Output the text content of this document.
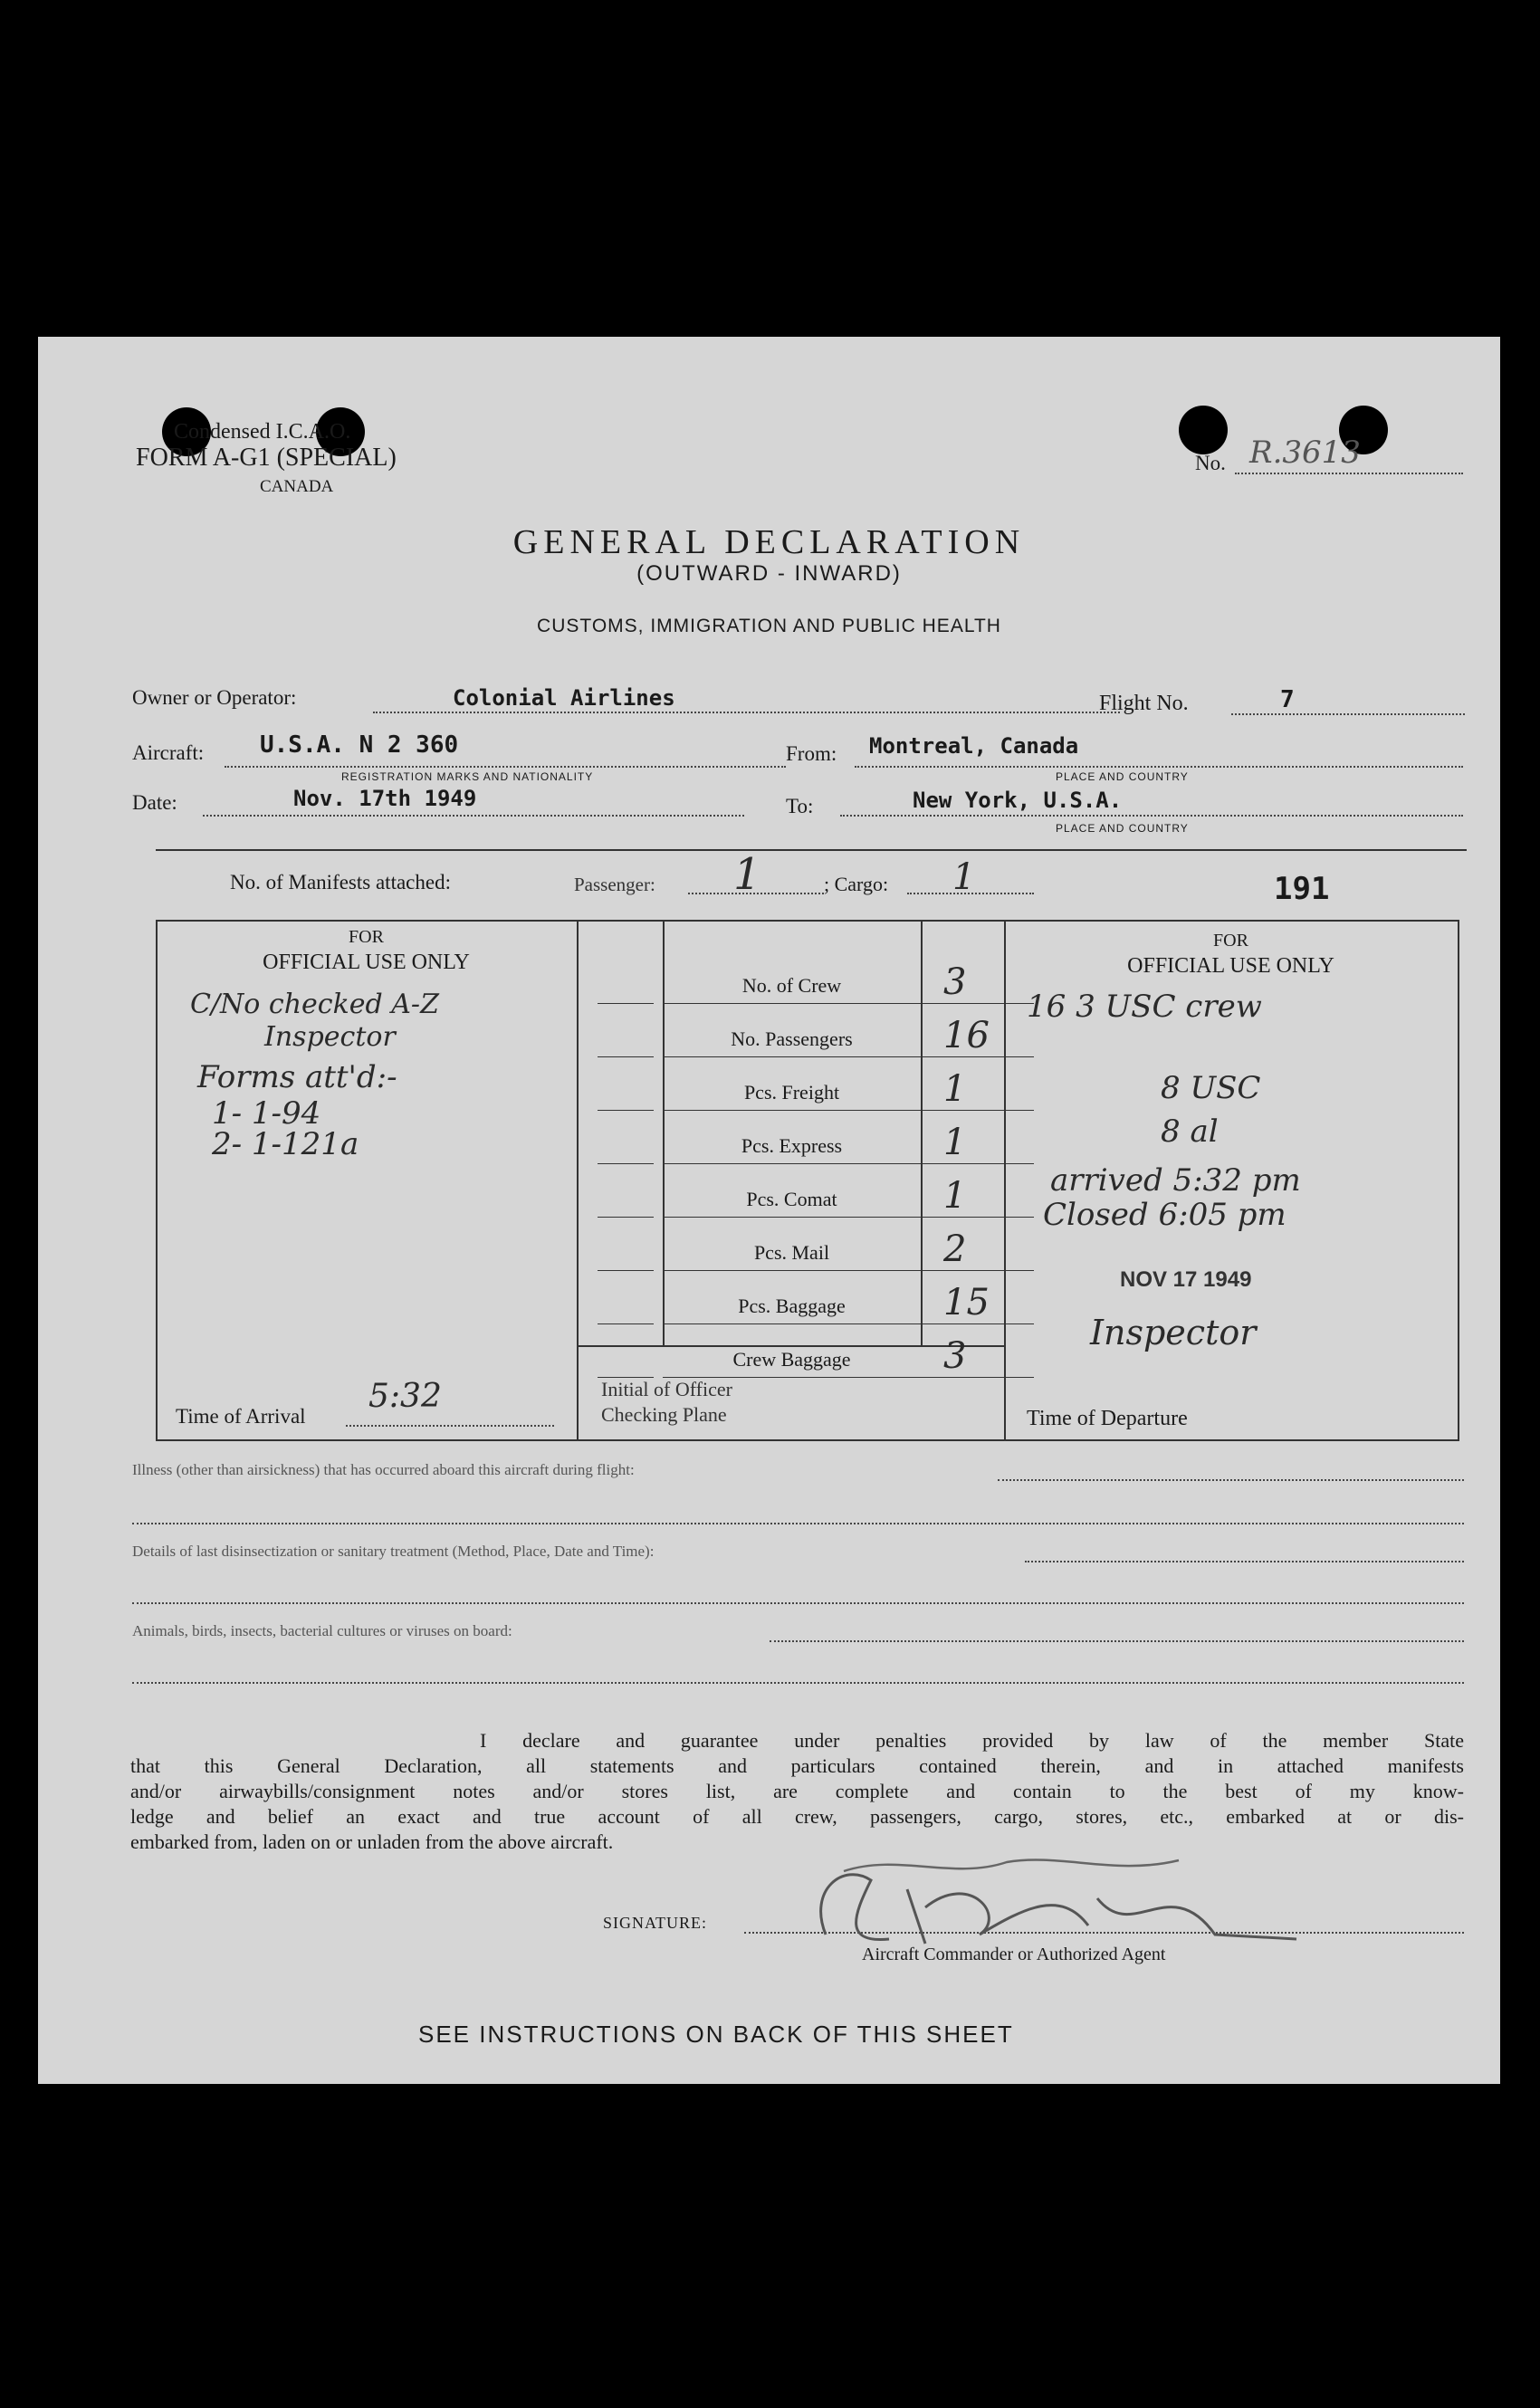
Condensed I.C.A.O.
FORM A-G1 (SPECIAL)
CANADA
No. R.3613
GENERAL DECLARATION
(OUTWARD - INWARD)
CUSTOMS, IMMIGRATION AND PUBLIC HEALTH
Owner or Operator:	Colonial Airlines	Flight No.	7
Aircraft: U.S.A. N 2 360
REGISTRATION MARKS AND NATIONALITY
From: Montreal, Canada
PLACE AND COUNTRY
Date:	Nov. 17th 1949	To:	New York, U.S.A.
PLACE AND COUNTRY
No. of Manifests attached:	Passenger: 1	; Cargo: 1	191
FOR
OFFICIAL USE ONLY
C/No checked A-Z
Inspector
Forms att'd:-
1- 1-94
2- 1-121a
Time of Arrival
5:32
No. of Crew	3
No. Passengers	16
Pcs. Freight	1
Pcs. Express	1
Pcs. Comat	1
Pcs. Mail	2
Pcs. Baggage	15
Crew Baggage	3
Initial of Officer
Checking Plane
FOR
OFFICIAL USE ONLY
16 3 USC crew
8 USC
8 al
arrived 5:32 pm
Closed 6:05 pm
NOV 17 1949
Inspector
Time of Departure
Illness (other than airsickness) that has occurred aboard this aircraft during flight:
Details of last disinsectization or sanitary treatment (Method, Place, Date and Time):
Animals, birds, insects, bacterial cultures or viruses on board:
I declare and guarantee under penalties provided by law of the member State
that this General Declaration, all statements and particulars contained therein, and in attached manifests
and/or airwaybills/consignment notes and/or stores list, are complete and contain to the best of my know-
ledge and belief an exact and true account of all crew, passengers, cargo, stores, etc., embarked at or dis-
embarked from, laden on or unladen from the above aircraft.
SIGNATURE:
Aircraft Commander or Authorized Agent
SEE INSTRUCTIONS ON BACK OF THIS SHEET
